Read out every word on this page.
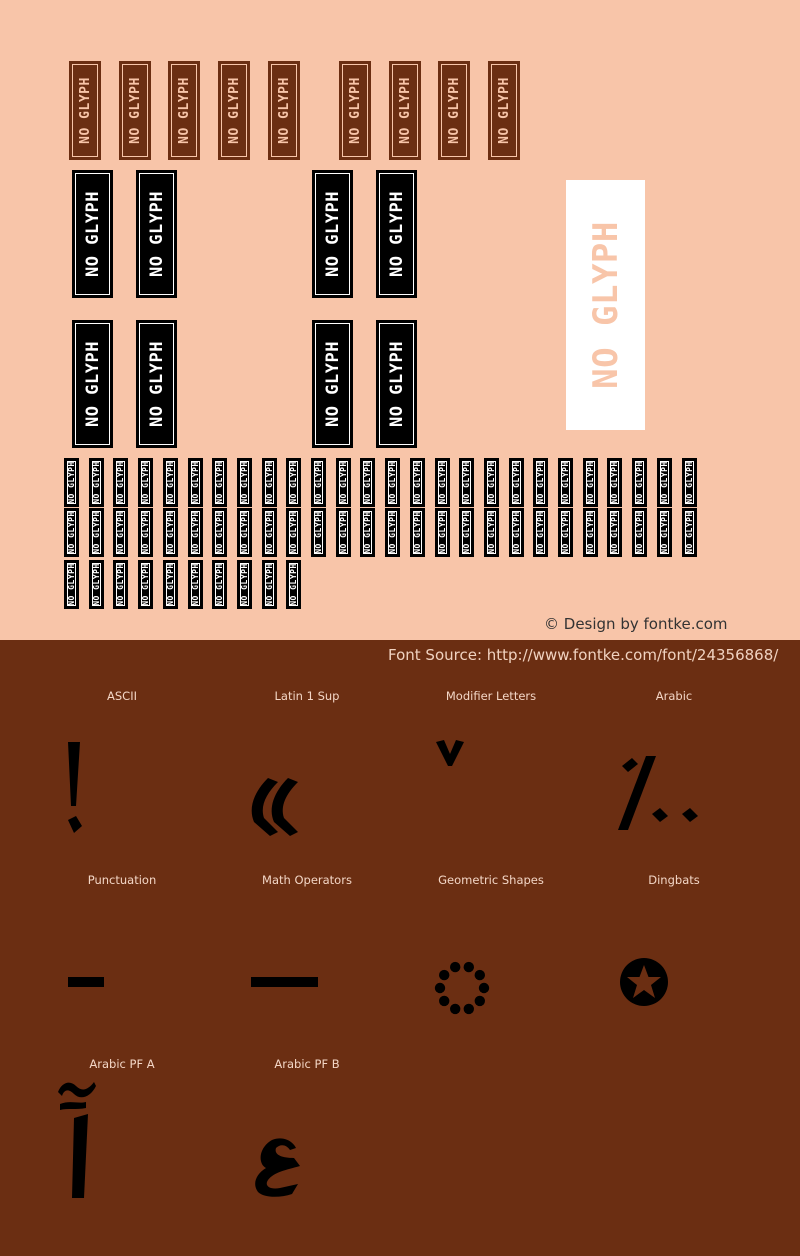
© Design by fontke.com
Font Source: http://www.fontke.com/font/24356868/
ASCII	Latin 1 Sup	Modifier Letters	Arabic
Punctuation	Math Operators	Geometric Shapes	Dingbats
Arabic PF A	Arabic PF B
NO GLYPH	NO GLYPH	NO GLYPH	NO GLYPH	NO GLYPH	NO GLYPH	NO GLYPH	NO GLYPH	NO GLYPH
NO GLYPH
NO GLYPH
NO GLYPH
NO GLYPH
NO GLYPH
NO GLYPH
NO GLYPH
NO GLYPH	NO GLYPH
NO GLYPH
NO GLYPH
NO GLYPH
NO GLYPH
NO GLYPH
NO GLYPH
NO GLYPH
NO GLYPH
NO GLYPH
NO GLYPH
NO GLYPH
NO GLYPH
NO GLYPH
NO GLYPH
NO GLYPH
NO GLYPH
NO GLYPH
NO GLYPH
NO GLYPH
NO GLYPH
NO GLYPH
NO GLYPH
NO GLYPH
NO GLYPH
NO GLYPH
NO GLYPH
NO GLYPH
NO GLYPH
NO GLYPH
NO GLYPH
NO GLYPH
NO GLYPH
NO GLYPH
NO GLYPH
NO GLYPH
NO GLYPH
NO GLYPH
NO GLYPH
NO GLYPH
NO GLYPH
NO GLYPH
NO GLYPH
NO GLYPH
NO GLYPH
NO GLYPH
NO GLYPH
NO GLYPH
NO GLYPH
NO GLYPH
NO GLYPH
NO GLYPH
NO GLYPH
NO GLYPH NO GLYPH NO GLYPH NO GLYPH NO GLYPH NO GLYPH NO GLYPH NO GLYPH NO GLYPH NO GLYPH
